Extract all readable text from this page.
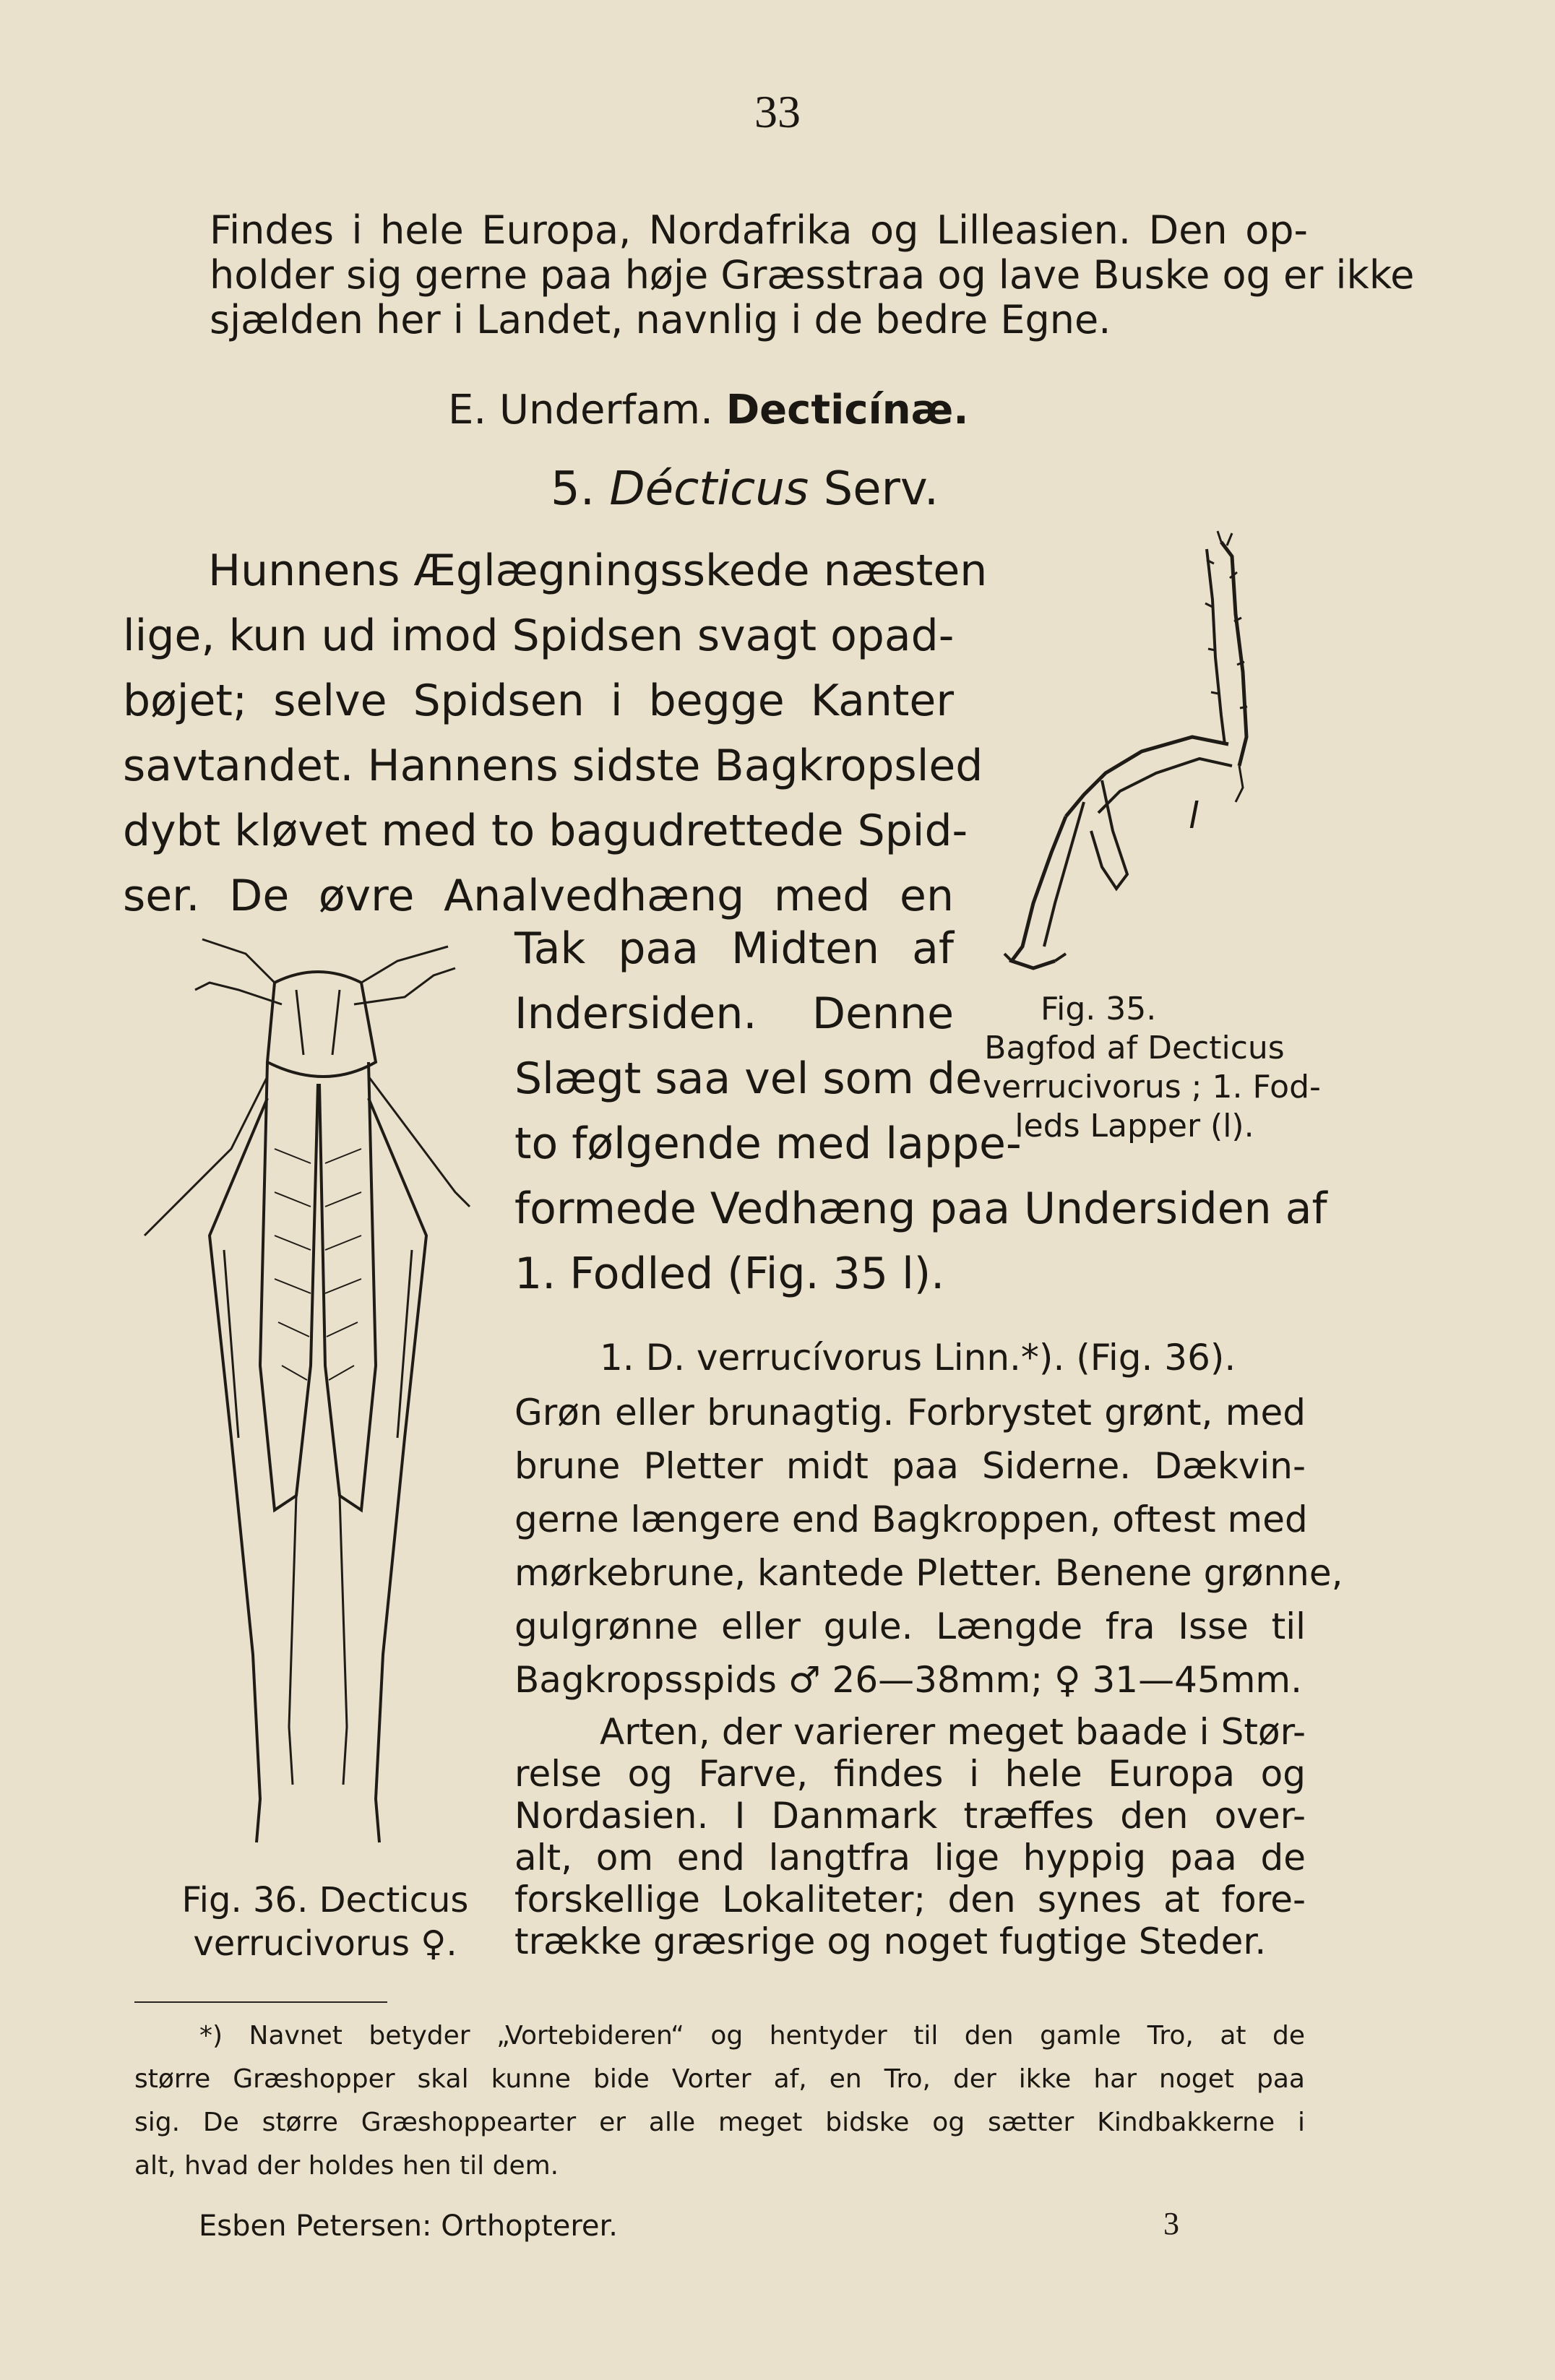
33
Findes i hele Europa, Nordafrika og Lilleasien. Den op-
holder sig gerne paa høje Græsstraa og lave Buske og er ikke
sjælden her i Landet, navnlig i de bedre Egne.
E. Underfam. Decticínæ.
5. Décticus Serv.
Hunnens Æglægningsskede næsten
lige, kun ud imod Spidsen svagt opad-
bøjet; selve Spidsen i begge Kanter
savtandet. Hannens sidste Bagkropsled
dybt kløvet med to bagudrettede Spid-
ser. De øvre Analvedhæng med en
Tak paa Midten af
Indersiden. Denne
Slægt saa vel som de
to følgende med lappe-
formede Vedhæng paa Undersiden af
1. Fodled (Fig. 35 l).
l
Fig. 35.
Bagfod af Decticus
verrucivorus ; 1. Fod-
leds Lapper (l).
Fig. 36. Decticus
verrucivorus ♀.
1. D. verrucívorus Linn.*). (Fig. 36).
Grøn eller brunagtig. Forbrystet grønt, med
brune Pletter midt paa Siderne. Dækvin-
gerne længere end Bagkroppen, oftest med
mørkebrune, kantede Pletter. Benene grønne,
gulgrønne eller gule. Længde fra Isse til
Bagkropsspids ♂ 26—38mm; ♀ 31—45mm.
Arten, der varierer meget baade i Stør-
relse og Farve, findes i hele Europa og
Nordasien. I Danmark træffes den over-
alt, om end langtfra lige hyppig paa de
forskellige Lokaliteter; den synes at fore-
trække græsrige og noget fugtige Steder.
*) Navnet betyder „Vortebideren“ og hentyder til den gamle Tro, at de
større Græshopper skal kunne bide Vorter af, en Tro, der ikke har noget paa
sig. De større Græshoppearter er alle meget bidske og sætter Kindbakkerne i
alt, hvad der holdes hen til dem.
Esben Petersen: Orthopterer.	3
